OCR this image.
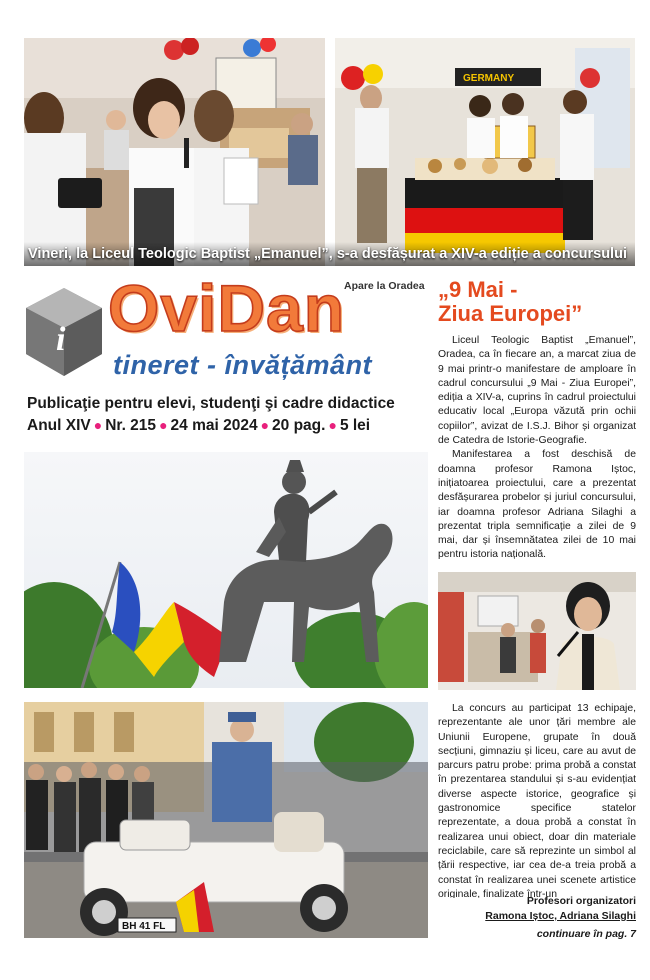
GERMANY
Vineri, la Liceul Teologic Baptist „Emanuel”, s-a desfășurat a XIV-a ediție a concursului
i OviDan
tineret - învățământ
Apare la Oradea
Publicaţie pentru elevi, studenţi şi cadre didactice
Anul XIV ● Nr. 215 ● 24 mai 2024 ● 20 pag. ● 5 lei
BH 41 FL
„9 Mai -
Ziua Europei”

Liceul Teologic Baptist „Emanuel”, Oradea, ca în fiecare an, a marcat ziua de 9 mai printr-o manifestare de amploare în cadrul concursului „9 Mai - Ziua Europei”, ediția a XIV-a, cuprins în cadrul proiectului educativ local „Europa văzută prin ochii copiilor”, avizat de I.S.J. Bihor și organizat de Catedra de Istorie-Geografie.

Manifestarea a fost deschisă de doamna profesor Ramona Iștoc, inițiatoarea proiectului, care a prezentat desfășurarea probelor și juriul concursului, iar doamna profesor Adriana Silaghi a prezentat tripla semnificație a zilei de 9 mai, dar și însemnătatea zilei de 10 mai pentru istoria națională.

La concurs au participat 13 echipaje, reprezentante ale unor țări membre ale Uniunii Europene, grupate în două secțiuni, gimnaziu și liceu, care au avut de parcurs patru probe: prima probă a constat în prezentarea standului și s-au evidențiat diverse aspecte istorice, geografice și gastronomice specifice statelor reprezentate, a doua probă a constat în realizarea unui obiect, doar din materiale reciclabile, care să reprezinte un simbol al țării respective, iar cea de-a treia probă a constat în realizarea unei scenete artistice originale, finalizate într-un

Profesori organizatori
Ramona Iștoc, Adriana Silaghi
continuare în pag. 7
